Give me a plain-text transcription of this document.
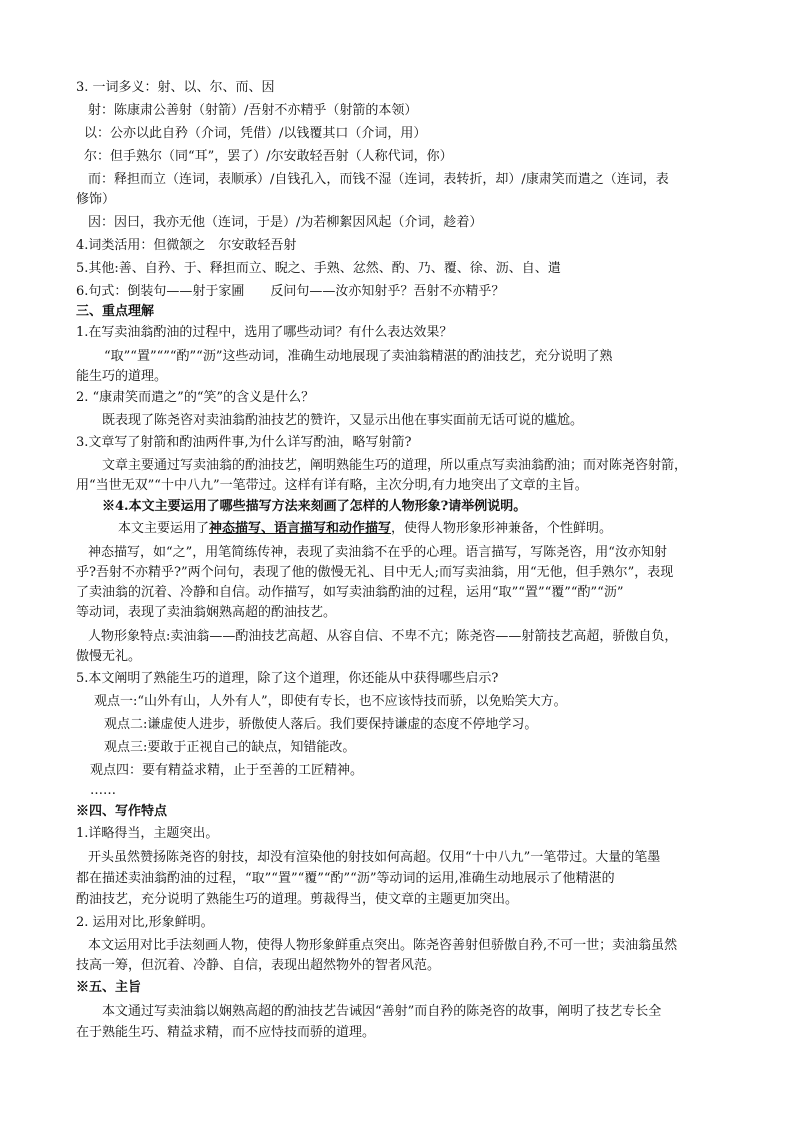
3. 一词多义：射、以、尔、而、因
射：陈康肃公善射（射箭）/吾射不亦精乎（射箭的本领）
以：公亦以此自矜（介词，凭借）/以钱覆其口（介词，用）
尔：但手熟尔（同“耳”，罢了）/尔安敢轻吾射（人称代词，你）
而：释担而立（连词，表顺承）/自钱孔入，而钱不湿（连词，表转折，却）/康肃笑而遣之（连词，表
修饰）
因：因曰，我亦无他（连词，于是）/为若柳絮因风起（介词，趁着）
4.词类活用：但微颔之　尔安敢轻吾射
5.其他:善、自矜、于、释担而立、睨之、手熟、忿然、酌、乃、覆、徐、沥、自、遣
6.句式：倒装句——射于家圃　　反问句——汝亦知射乎？吾射不亦精乎？
三、重点理解
1.在写卖油翁酌油的过程中，选用了哪些动词？有什么表达效果？
“取”“置”“”“酌”“沥”这些动词，准确生动地展现了卖油翁精湛的酌油技艺，充分说明了熟
能生巧的道理。
2. “康肃笑而遣之”的“笑”的含义是什么？
既表现了陈尧咨对卖油翁酌油技艺的赞许，又显示出他在事实面前无话可说的尴尬。
3.文章写了射箭和酌油两件事,为什么详写酌油，略写射箭?
文章主要通过写卖油翁的酌油技艺，阐明熟能生巧的道理，所以重点写卖油翁酌油；而对陈尧咨射箭，
用“当世无双”“十中八九”一笔带过。这样有详有略，主次分明,有力地突出了文章的主旨。
※4.本文主要运用了哪些描写方法来刻画了怎样的人物形象?请举例说明。
本文主要运用了神态描写、语言描写和动作描写，使得人物形象形神兼备，个性鲜明。
神态描写，如“之”，用笔简练传神，表现了卖油翁不在乎的心理。语言描写，写陈尧咨，用“汝亦知射
乎?吾射不亦精乎?”两个问句，表现了他的傲慢无礼、目中无人;而写卖油翁，用“无他，但手熟尔”，表现
了卖油翁的沉着、冷静和自信。动作描写，如写卖油翁酌油的过程，运用“取”“置”“覆”“酌”“沥”
等动词，表现了卖油翁娴熟高超的酌油技艺。
人物形象特点:卖油翁——酌油技艺高超、从容自信、不卑不亢；陈尧咨——射箭技艺高超，骄傲自负，
傲慢无礼。
5.本文阐明了熟能生巧的道理，除了这个道理，你还能从中获得哪些启示?
观点一:“山外有山，人外有人”，即使有专长，也不应该恃技而骄，以免贻笑大方。
观点二:谦虚使人进步，骄傲使人落后。我们要保持谦虚的态度不停地学习。
观点三:要敢于正视自己的缺点，知错能改。
观点四：要有精益求精，止于至善的工匠精神。
……
※四、写作特点
1.详略得当，主题突出。
开头虽然赞扬陈尧咨的射技，却没有渲染他的射技如何高超。仅用“十中八九”一笔带过。大量的笔墨
都在描述卖油翁酌油的过程，“取”“置”“覆”“酌”“沥”等动词的运用,准确生动地展示了他精湛的
酌油技艺，充分说明了熟能生巧的道理。剪裁得当，使文章的主题更加突出。
2. 运用对比,形象鲜明。
本文运用对比手法刻画人物，使得人物形象鲜重点突出。陈尧咨善射但骄傲自矜,不可一世；卖油翁虽然
技高一筹，但沉着、冷静、自信，表现出超然物外的智者风范。
※五、主旨
本文通过写卖油翁以娴熟高超的酌油技艺告诫因“善射”而自矜的陈尧咨的故事，阐明了技艺专长全
在于熟能生巧、精益求精，而不应恃技而骄的道理。
